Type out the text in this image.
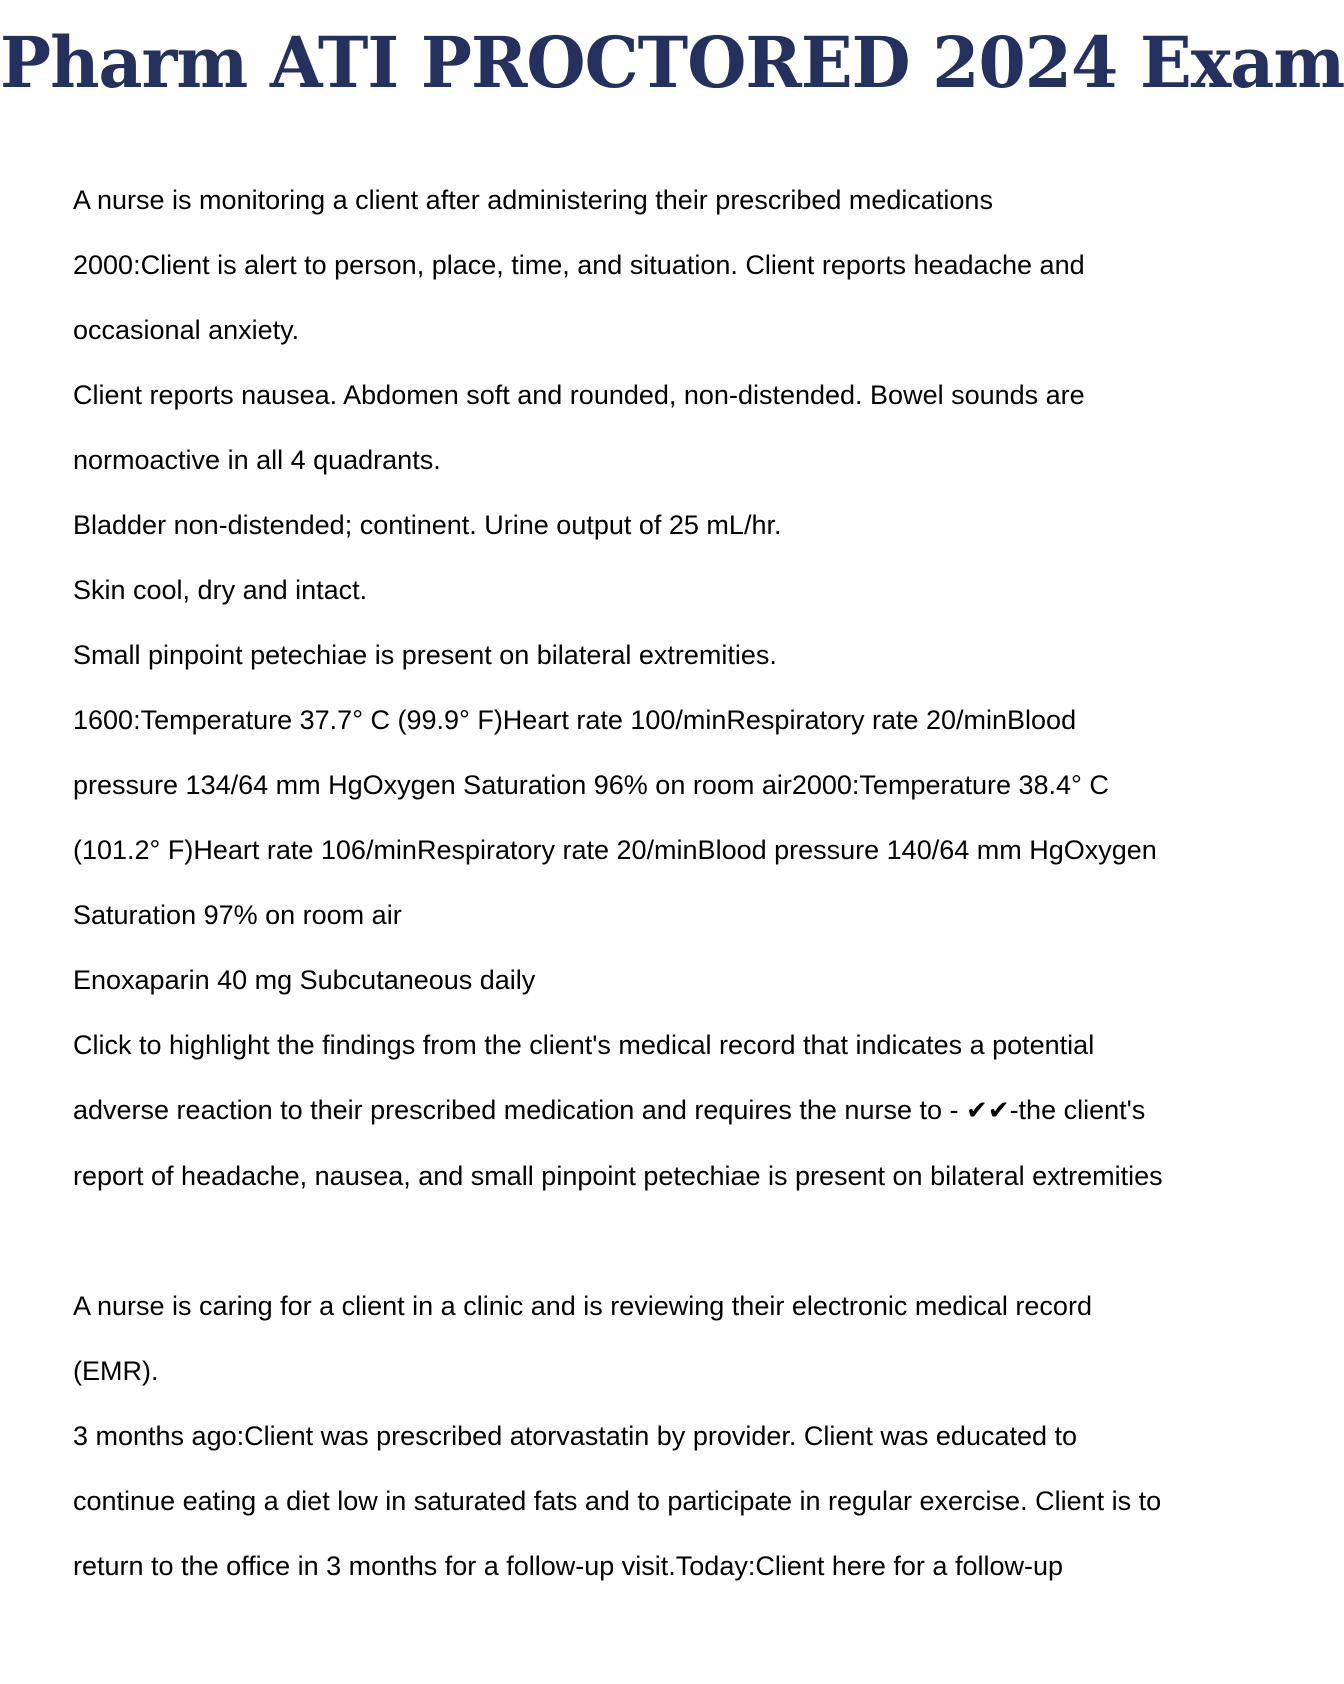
Pharm ATI PROCTORED 2024 Exam

A nurse is monitoring a client after administering their prescribed medications

2000:Client is alert to person, place, time, and situation. Client reports headache and occasional anxiety.

Client reports nausea. Abdomen soft and rounded, non-distended. Bowel sounds are normoactive in all 4 quadrants.

Bladder non-distended; continent. Urine output of 25 mL/hr.

Skin cool, dry and intact.

Small pinpoint petechiae is present on bilateral extremities.

1600:Temperature 37.7° C (99.9° F)Heart rate 100/minRespiratory rate 20/minBlood pressure 134/64 mm HgOxygen Saturation 96% on room air2000:Temperature 38.4° C (101.2° F)Heart rate 106/minRespiratory rate 20/minBlood pressure 140/64 mm HgOxygen Saturation 97% on room air

Enoxaparin 40 mg Subcutaneous daily

Click to highlight the findings from the client's medical record that indicates a potential adverse reaction to their prescribed medication and requires the nurse to - ✔✔-the client's report of headache, nausea, and small pinpoint petechiae is present on bilateral extremities

A nurse is caring for a client in a clinic and is reviewing their electronic medical record (EMR).

3 months ago:Client was prescribed atorvastatin by provider. Client was educated to continue eating a diet low in saturated fats and to participate in regular exercise. Client is to return to the office in 3 months for a follow-up visit.Today:Client here for a follow-up
